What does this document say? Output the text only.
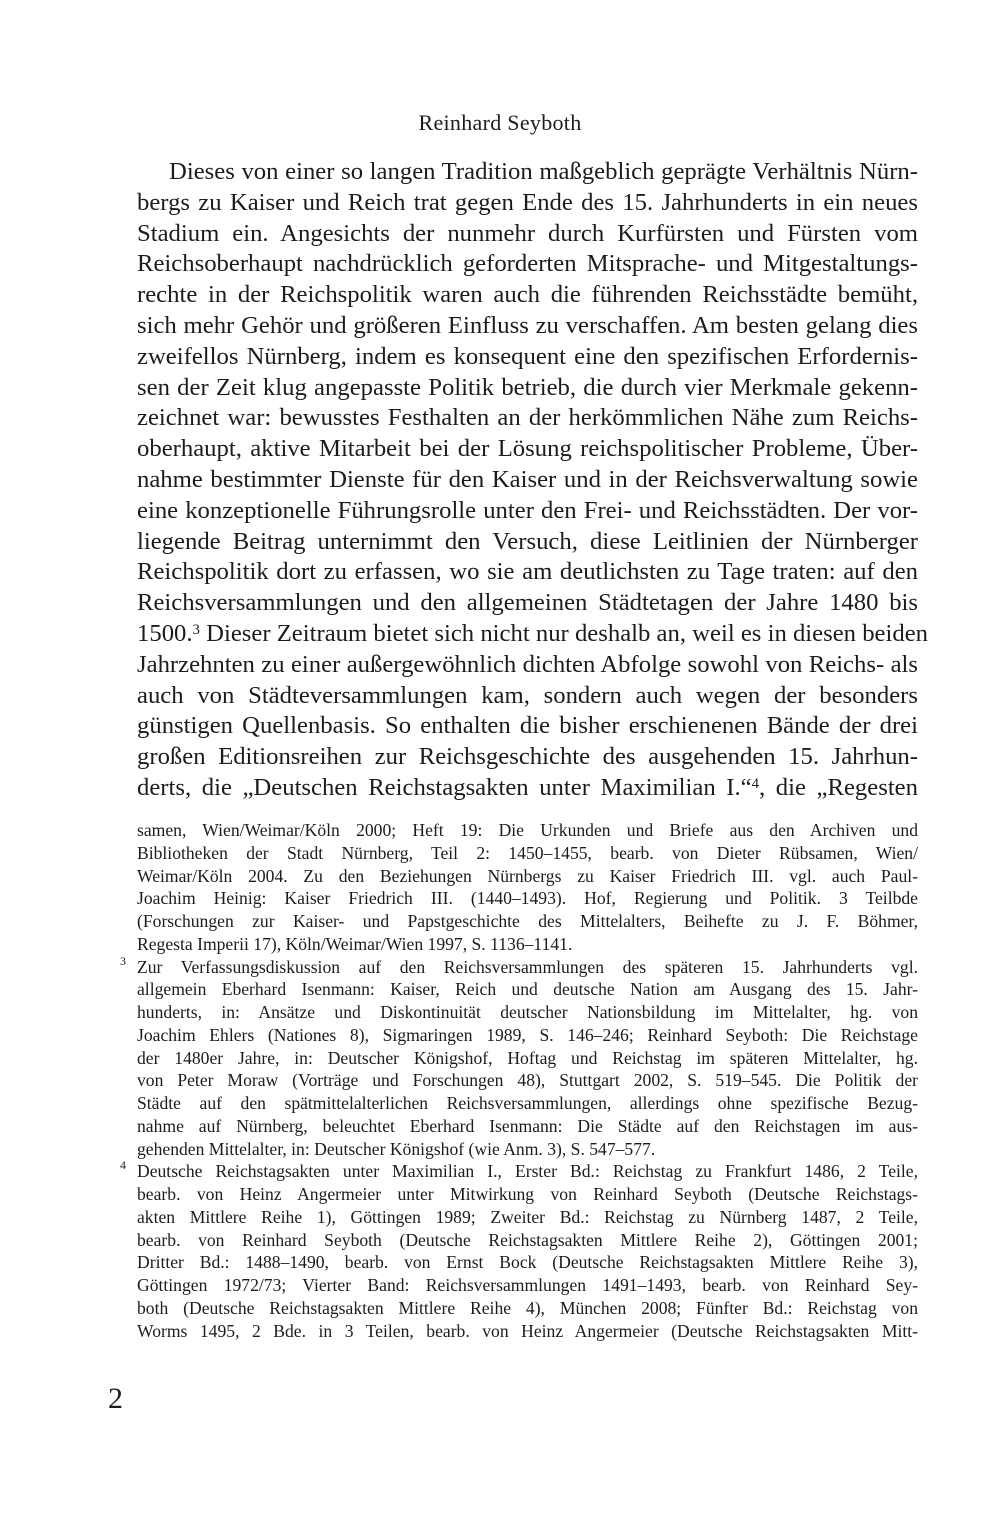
Reinhard Seyboth
Dieses von einer so langen Tradition maßgeblich geprägte Verhältnis Nürn-
bergs zu Kaiser und Reich trat gegen Ende des 15. Jahrhunderts in ein neues
Stadium ein. Angesichts der nunmehr durch Kurfürsten und Fürsten vom
Reichsoberhaupt nachdrücklich geforderten Mitsprache- und Mitgestaltungs-
rechte in der Reichspolitik waren auch die führenden Reichsstädte bemüht,
sich mehr Gehör und größeren Einfluss zu verschaffen. Am besten gelang dies
zweifellos Nürnberg, indem es konsequent eine den spezifischen Erfordernis-
sen der Zeit klug angepasste Politik betrieb, die durch vier Merkmale gekenn-
zeichnet war: bewusstes Festhalten an der herkömmlichen Nähe zum Reichs-
oberhaupt, aktive Mitarbeit bei der Lösung reichspolitischer Probleme, Über-
nahme bestimmter Dienste für den Kaiser und in der Reichsverwaltung sowie
eine konzeptionelle Führungsrolle unter den Frei- und Reichsstädten. Der vor-
liegende Beitrag unternimmt den Versuch, diese Leitlinien der Nürnberger
Reichspolitik dort zu erfassen, wo sie am deutlichsten zu Tage traten: auf den
Reichsversammlungen und den allgemeinen Städtetagen der Jahre 1480 bis
1500.$^3$ Dieser Zeitraum bietet sich nicht nur deshalb an, weil es in diesen beiden
Jahrzehnten zu einer außergewöhnlich dichten Abfolge sowohl von Reichs- als
auch von Städteversammlungen kam, sondern auch wegen der besonders
günstigen Quellenbasis. So enthalten die bisher erschienenen Bände der drei
großen Editionsreihen zur Reichsgeschichte des ausgehenden 15. Jahrhun-
derts, die „Deutschen Reichstagsakten unter Maximilian I.“$^4$, die „Regesten
samen, Wien/Weimar/Köln 2000; Heft 19: Die Urkunden und Briefe aus den Archiven und
Bibliotheken der Stadt Nürnberg, Teil 2: 1450–1455, bearb. von Dieter Rübsamen, Wien/
Weimar/Köln 2004. Zu den Beziehungen Nürnbergs zu Kaiser Friedrich III. vgl. auch Paul-
Joachim Heinig: Kaiser Friedrich III. (1440–1493). Hof, Regierung und Politik. 3 Teilbde
(Forschungen zur Kaiser- und Papstgeschichte des Mittelalters, Beihefte zu J. F. Böhmer,
Regesta Imperii 17), Köln/Weimar/Wien 1997, S. 1136–1141.
3 Zur Verfassungsdiskussion auf den Reichsversammlungen des späteren 15. Jahrhunderts vgl.
allgemein Eberhard Isenmann: Kaiser, Reich und deutsche Nation am Ausgang des 15. Jahr-
hunderts, in: Ansätze und Diskontinuität deutscher Nationsbildung im Mittelalter, hg. von
Joachim Ehlers (Nationes 8), Sigmaringen 1989, S. 146–246; Reinhard Seyboth: Die Reichstage
der 1480er Jahre, in: Deutscher Königshof, Hoftag und Reichstag im späteren Mittelalter, hg.
von Peter Moraw (Vorträge und Forschungen 48), Stuttgart 2002, S. 519–545. Die Politik der
Städte auf den spätmittelalterlichen Reichsversammlungen, allerdings ohne spezifische Bezug-
nahme auf Nürnberg, beleuchtet Eberhard Isenmann: Die Städte auf den Reichstagen im aus-
gehenden Mittelalter, in: Deutscher Königshof (wie Anm. 3), S. 547–577.
4 Deutsche Reichstagsakten unter Maximilian I., Erster Bd.: Reichstag zu Frankfurt 1486, 2 Teile,
bearb. von Heinz Angermeier unter Mitwirkung von Reinhard Seyboth (Deutsche Reichstags-
akten Mittlere Reihe 1), Göttingen 1989; Zweiter Bd.: Reichstag zu Nürnberg 1487, 2 Teile,
bearb. von Reinhard Seyboth (Deutsche Reichstagsakten Mittlere Reihe 2), Göttingen 2001;
Dritter Bd.: 1488–1490, bearb. von Ernst Bock (Deutsche Reichstagsakten Mittlere Reihe 3),
Göttingen 1972/73; Vierter Band: Reichsversammlungen 1491–1493, bearb. von Reinhard Sey-
both (Deutsche Reichstagsakten Mittlere Reihe 4), München 2008; Fünfter Bd.: Reichstag von
Worms 1495, 2 Bde. in 3 Teilen, bearb. von Heinz Angermeier (Deutsche Reichstagsakten Mitt-
2
